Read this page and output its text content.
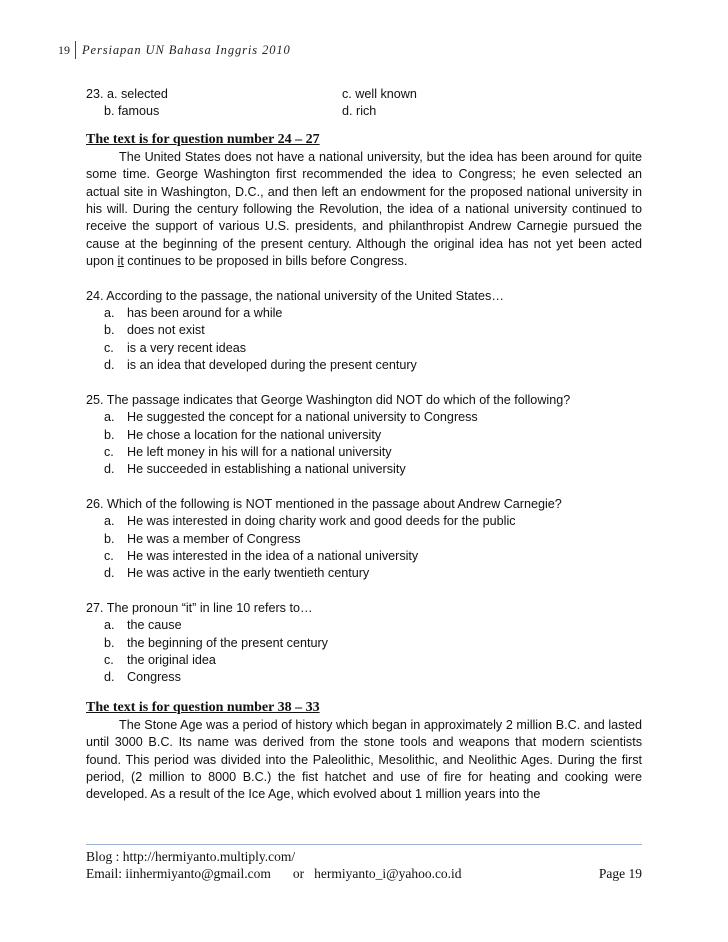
19 Persiapan UN Bahasa Inggris 2010
23. a. selected	c. well known
b. famous	d. rich
The text is for question number 24 – 27

The United States does not have a national university, but the idea has been around for quite some time. George Washington first recommended the idea to Congress; he even selected an actual site in Washington, D.C., and then left an endowment for the proposed national university in his will. During the century following the Revolution, the idea of a national university continued to receive the support of various U.S. presidents, and philanthropist Andrew Carnegie pursued the cause at the beginning of the present century. Although the original idea has not yet been acted upon it continues to be proposed in bills before Congress.

24. According to the passage, the national university of the United States…
a. has been around for a while
b. does not exist
c.	is a very recent ideas
d. is an idea that developed during the present century
25. The passage indicates that George Washington did NOT do which of the following?
a. He suggested the concept for a national university to Congress
b. He chose a location for the national university
c.	He left money in his will for a national university
d. He succeeded in establishing a national university
26. Which of the following is NOT mentioned in the passage about Andrew Carnegie?
a. He was interested in doing charity work and good deeds for the public
b. He was a member of Congress
c.	He was interested in the idea of a national university
d. He was active in the early twentieth century
27. The pronoun “it” in line 10 refers to…
a. the cause
b. the beginning of the present century
c.	the original idea
d. Congress
The text is for question number 38 – 33

The Stone Age was a period of history which began in approximately 2 million B.C. and lasted until 3000 B.C. Its name was derived from the stone tools and weapons that modern scientists found. This period was divided into the Paleolithic, Mesolithic, and Neolithic Ages. During the first period, (2 million to 8000 B.C.) the fist hatchet and use of fire for heating and cooking were developed. As a result of the Ice Age, which evolved about 1 million years into the

Blog : http://hermiyanto.multiply.com/
Email: iinhermiyanto@gmail.com or hermiyanto_i@yahoo.co.id	Page 19
